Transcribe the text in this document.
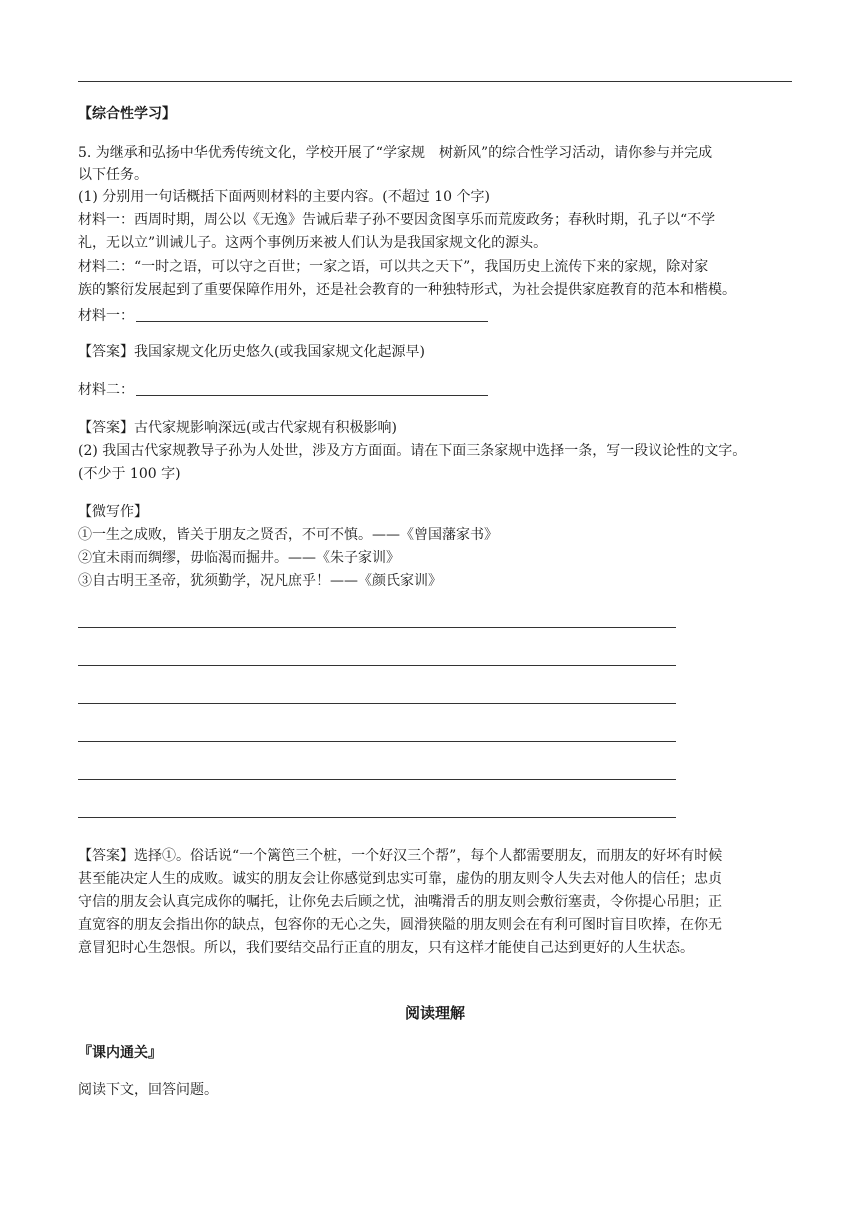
【综合性学习】
5. 为继承和弘扬中华优秀传统文化，学校开展了“学家规　树新风”的综合性学习活动，请你参与并完成
以下任务。
(1) 分别用一句话概括下面两则材料的主要内容。(不超过 10 个字)
材料一：西周时期，周公以《无逸》告诫后辈子孙不要因贪图享乐而荒废政务；春秋时期，孔子以“不学
礼，无以立”训诫儿子。这两个事例历来被人们认为是我国家规文化的源头。
材料二：“一时之语，可以守之百世；一家之语，可以共之天下”，我国历史上流传下来的家规，除对家
族的繁衍发展起到了重要保障作用外，还是社会教育的一种独特形式，为社会提供家庭教育的范本和楷模。
材料一：
【答案】我国家规文化历史悠久(或我国家规文化起源早)
材料二：
【答案】古代家规影响深远(或古代家规有积极影响)
(2) 我国古代家规教导子孙为人处世，涉及方方面面。请在下面三条家规中选择一条，写一段议论性的文字。
(不少于 100 字)
【微写作】
①一生之成败，皆关于朋友之贤否，不可不慎。——《曾国藩家书》
②宜未雨而绸缪，毋临渴而掘井。——《朱子家训》
③自古明王圣帝，犹须勤学，况凡庶乎！——《颜氏家训》
【答案】选择①。俗话说“一个篱笆三个桩，一个好汉三个帮”，每个人都需要朋友，而朋友的好坏有时候
甚至能决定人生的成败。诚实的朋友会让你感觉到忠实可靠，虚伪的朋友则令人失去对他人的信任；忠贞
守信的朋友会认真完成你的嘱托，让你免去后顾之忧，油嘴滑舌的朋友则会敷衍塞责，令你提心吊胆；正
直宽容的朋友会指出你的缺点，包容你的无心之失，圆滑狭隘的朋友则会在有利可图时盲目吹捧，在你无
意冒犯时心生怨恨。所以，我们要结交品行正直的朋友，只有这样才能使自己达到更好的人生状态。
阅读理解
『课内通关』
阅读下文，回答问题。
